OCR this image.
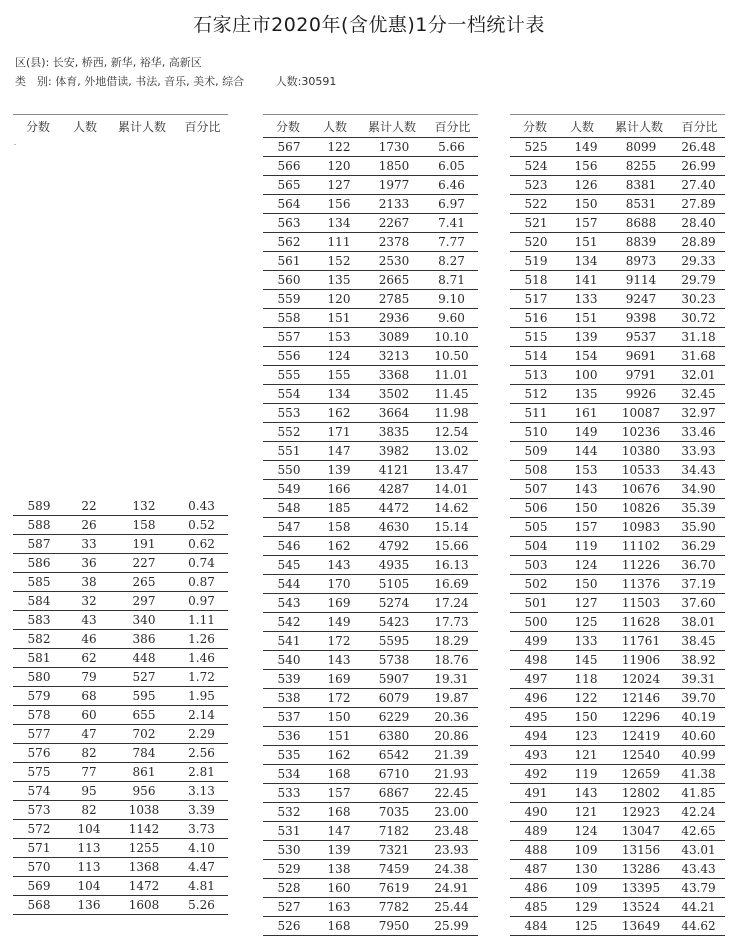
石家庄市2020年(含优惠)1分一档统计表
区(县): 长安, 桥西, 新华, 裕华, 高新区
类　别: 体育, 外地借读, 书法, 音乐, 美术, 综合	人数:30591
分数	人数	累计人数	百分比
589	22	132	0.43
588	26	158	0.52
587	33	191	0.62
586	36	227	0.74
585	38	265	0.87
584	32	297	0.97
583	43	340	1.11
582	46	386	1.26
581	62	448	1.46
580	79	527	1.72
579	68	595	1.95
578	60	655	2.14
577	47	702	2.29
576	82	784	2.56
575	77	861	2.81
574	95	956	3.13
573	82	1038	3.39
572	104	1142	3.73
571	113	1255	4.10
570	113	1368	4.47
569	104	1472	4.81
568	136	1608	5.26
分数	人数	累计人数	百分比
567	122	1730	5.66
566	120	1850	6.05
565	127	1977	6.46
564	156	2133	6.97
563	134	2267	7.41
562	111	2378	7.77
561	152	2530	8.27
560	135	2665	8.71
559	120	2785	9.10
558	151	2936	9.60
557	153	3089	10.10
556	124	3213	10.50
555	155	3368	11.01
554	134	3502	11.45
553	162	3664	11.98
552	171	3835	12.54
551	147	3982	13.02
550	139	4121	13.47
549	166	4287	14.01
548	185	4472	14.62
547	158	4630	15.14
546	162	4792	15.66
545	143	4935	16.13
544	170	5105	16.69
543	169	5274	17.24
542	149	5423	17.73
541	172	5595	18.29
540	143	5738	18.76
539	169	5907	19.31
538	172	6079	19.87
537	150	6229	20.36
536	151	6380	20.86
535	162	6542	21.39
534	168	6710	21.93
533	157	6867	22.45
532	168	7035	23.00
531	147	7182	23.48
530	139	7321	23.93
529	138	7459	24.38
528	160	7619	24.91
527	163	7782	25.44
526	168	7950	25.99
分数	人数	累计人数	百分比
525	149	8099	26.48
524	156	8255	26.99
523	126	8381	27.40
522	150	8531	27.89
521	157	8688	28.40
520	151	8839	28.89
519	134	8973	29.33
518	141	9114	29.79
517	133	9247	30.23
516	151	9398	30.72
515	139	9537	31.18
514	154	9691	31.68
513	100	9791	32.01
512	135	9926	32.45
511	161	10087	32.97
510	149	10236	33.46
509	144	10380	33.93
508	153	10533	34.43
507	143	10676	34.90
506	150	10826	35.39
505	157	10983	35.90
504	119	11102	36.29
503	124	11226	36.70
502	150	11376	37.19
501	127	11503	37.60
500	125	11628	38.01
499	133	11761	38.45
498	145	11906	38.92
497	118	12024	39.31
496	122	12146	39.70
495	150	12296	40.19
494	123	12419	40.60
493	121	12540	40.99
492	119	12659	41.38
491	143	12802	41.85
490	121	12923	42.24
489	124	13047	42.65
488	109	13156	43.01
487	130	13286	43.43
486	109	13395	43.79
485	129	13524	44.21
484	125	13649	44.62
